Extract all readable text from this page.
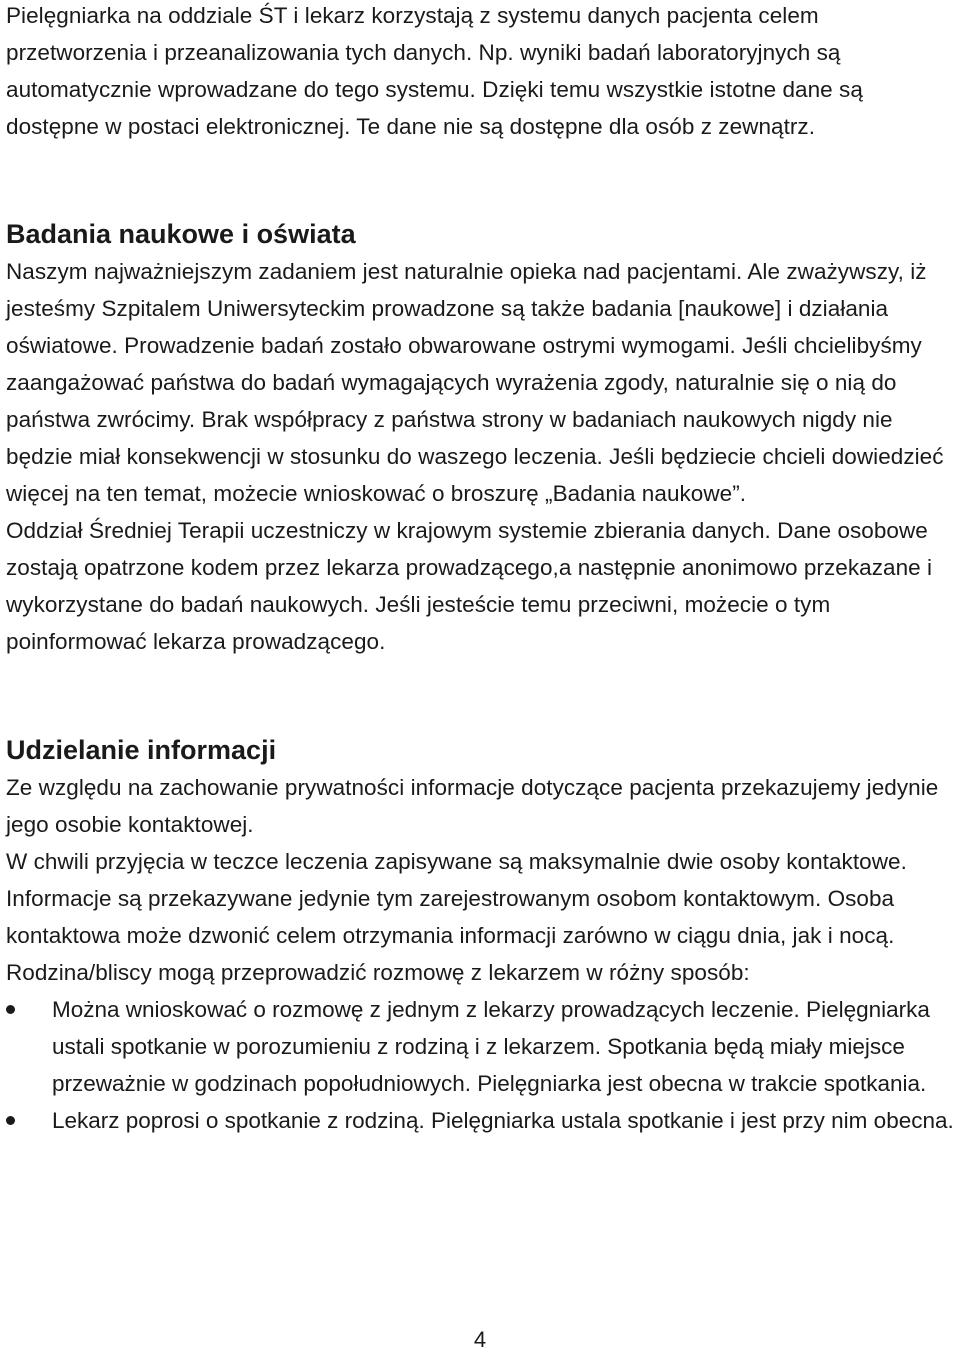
Pielęgniarka na oddziale ŚT i lekarz korzystają z systemu danych pacjenta celem przetworzenia i przeanalizowania tych danych. Np. wyniki badań laboratoryjnych są automatycznie wprowadzane do tego systemu. Dzięki temu wszystkie istotne dane są dostępne w postaci elektronicznej. Te dane nie są dostępne dla osób z zewnątrz.

Badania naukowe i oświata

Naszym najważniejszym zadaniem jest naturalnie opieka nad pacjentami. Ale zważywszy, iż jesteśmy Szpitalem Uniwersyteckim prowadzone są także badania [naukowe] i działania oświatowe. Prowadzenie badań zostało obwarowane ostrymi wymogami. Jeśli chcielibyśmy zaangażować państwa do badań wymagających wyrażenia zgody, naturalnie się o nią do państwa zwrócimy. Brak współpracy z państwa strony w badaniach naukowych nigdy nie będzie miał konsekwencji w stosunku do waszego leczenia. Jeśli będziecie chcieli dowiedzieć więcej na ten temat, możecie wnioskować o broszurę „Badania naukowe”.

Oddział Średniej Terapii uczestniczy w krajowym systemie zbierania danych. Dane osobowe zostają opatrzone kodem przez lekarza prowadzącego,a następnie anonimowo przekazane i wykorzystane do badań naukowych. Jeśli jesteście temu przeciwni, możecie o tym poinformować lekarza prowadzącego.

Udzielanie informacji

Ze względu na zachowanie prywatności informacje dotyczące pacjenta przekazujemy jedynie jego osobie kontaktowej.

W chwili przyjęcia w teczce leczenia zapisywane są maksymalnie dwie osoby kontaktowe. Informacje są przekazywane jedynie tym zarejestrowanym osobom kontaktowym. Osoba kontaktowa może dzwonić celem otrzymania informacji zarówno w ciągu dnia, jak i nocą. Rodzina/bliscy mogą przeprowadzić rozmowę z lekarzem w różny sposób:

Można wnioskować o rozmowę z jednym z lekarzy prowadzących leczenie. Pielęgniarka ustali spotkanie w porozumieniu z rodziną i z lekarzem. Spotkania będą miały miejsce przeważnie w godzinach popołudniowych. Pielęgniarka jest obecna w trakcie spotkania.
Lekarz poprosi o spotkanie z rodziną. Pielęgniarka ustala spotkanie i jest przy nim obecna.
4
